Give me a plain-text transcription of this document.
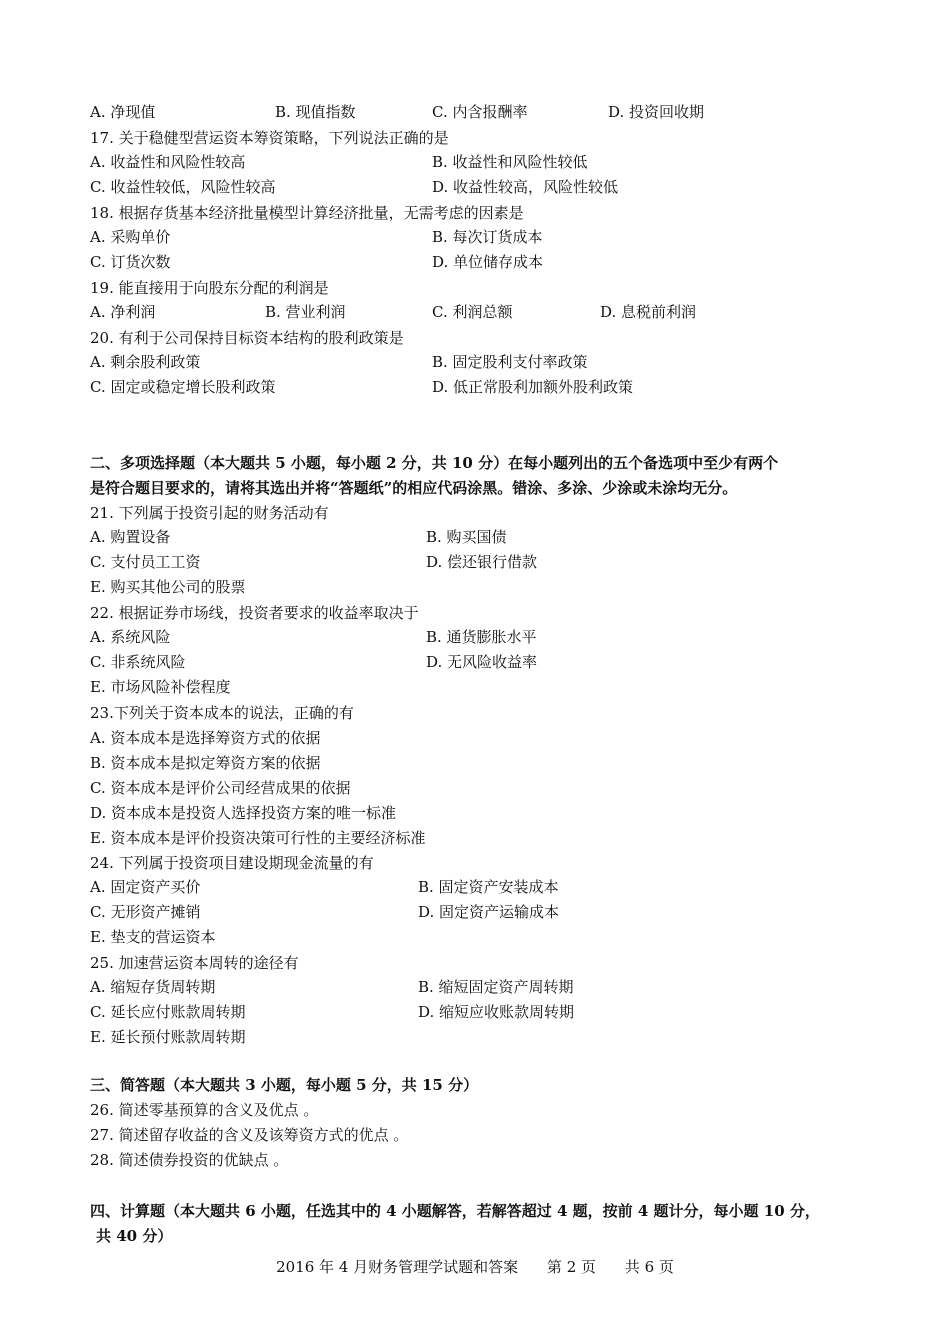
A. 净现值	B. 现值指数	C. 内含报酬率	D. 投资回收期
17. 关于稳健型营运资本筹资策略，下列说法正确的是
A. 收益性和风险性较高	B. 收益性和风险性较低
C. 收益性较低，风险性较高	D. 收益性较高，风险性较低
18. 根据存货基本经济批量模型计算经济批量，无需考虑的因素是
A. 采购单价	B. 每次订货成本
C. 订货次数	D. 单位储存成本
19. 能直接用于向股东分配的利润是
A. 净利润	B. 营业利润	C. 利润总额	D. 息税前利润
20. 有利于公司保持目标资本结构的股利政策是
A. 剩余股利政策	B. 固定股利支付率政策
C. 固定或稳定增长股利政策	D. 低正常股利加额外股利政策
二、多项选择题（本大题共 5 小题，每小题 2 分，共 10 分）在每小题列出的五个备选项中至少有两个
是符合题目要求的，请将其选出并将“答题纸”的相应代码涂黑。错涂、多涂、少涂或未涂均无分。
21. 下列属于投资引起的财务活动有
A. 购置设备	B. 购买国债
C. 支付员工工资	D. 偿还银行借款
E. 购买其他公司的股票
22. 根据证券市场线，投资者要求的收益率取决于
A. 系统风险	B. 通货膨胀水平
C. 非系统风险	D. 无风险收益率
E. 市场风险补偿程度
23.下列关于资本成本的说法，正确的有
A. 资本成本是选择筹资方式的依据
B. 资本成本是拟定筹资方案的依据
C. 资本成本是评价公司经营成果的依据
D. 资本成本是投资人选择投资方案的唯一标准
E. 资本成本是评价投资决策可行性的主要经济标准
24. 下列属于投资项目建设期现金流量的有
A. 固定资产买价	B. 固定资产安装成本
C. 无形资产摊销	D. 固定资产运输成本
E. 垫支的营运资本
25. 加速营运资本周转的途径有
A. 缩短存货周转期	B. 缩短固定资产周转期
C. 延长应付账款周转期	D. 缩短应收账款周转期
E. 延长预付账款周转期
三、简答题（本大题共 3 小题，每小题 5 分，共 15 分）
26. 简述零基预算的含义及优点 。
27. 简述留存收益的含义及该筹资方式的优点 。
28. 简述债券投资的优缺点 。
四、计算题（本大题共 6 小题，任选其中的 4 小题解答，若解答超过 4 题，按前 4 题计分，每小题 10 分，
共 40 分）
2016 年 4 月财务管理学试题和答案 第 2 页 共 6 页
